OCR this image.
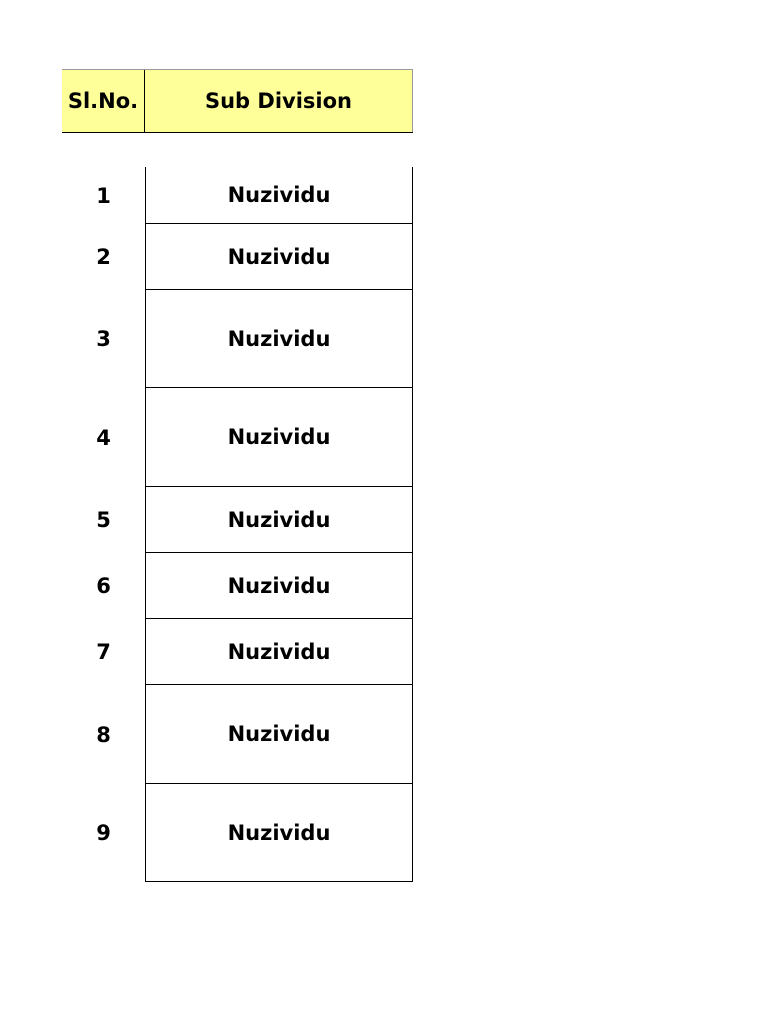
Sl.No.	Sub Division
1	Nuzividu
2	Nuzividu
3	Nuzividu
4	Nuzividu
5	Nuzividu
6	Nuzividu
7	Nuzividu
8	Nuzividu
9	Nuzividu
